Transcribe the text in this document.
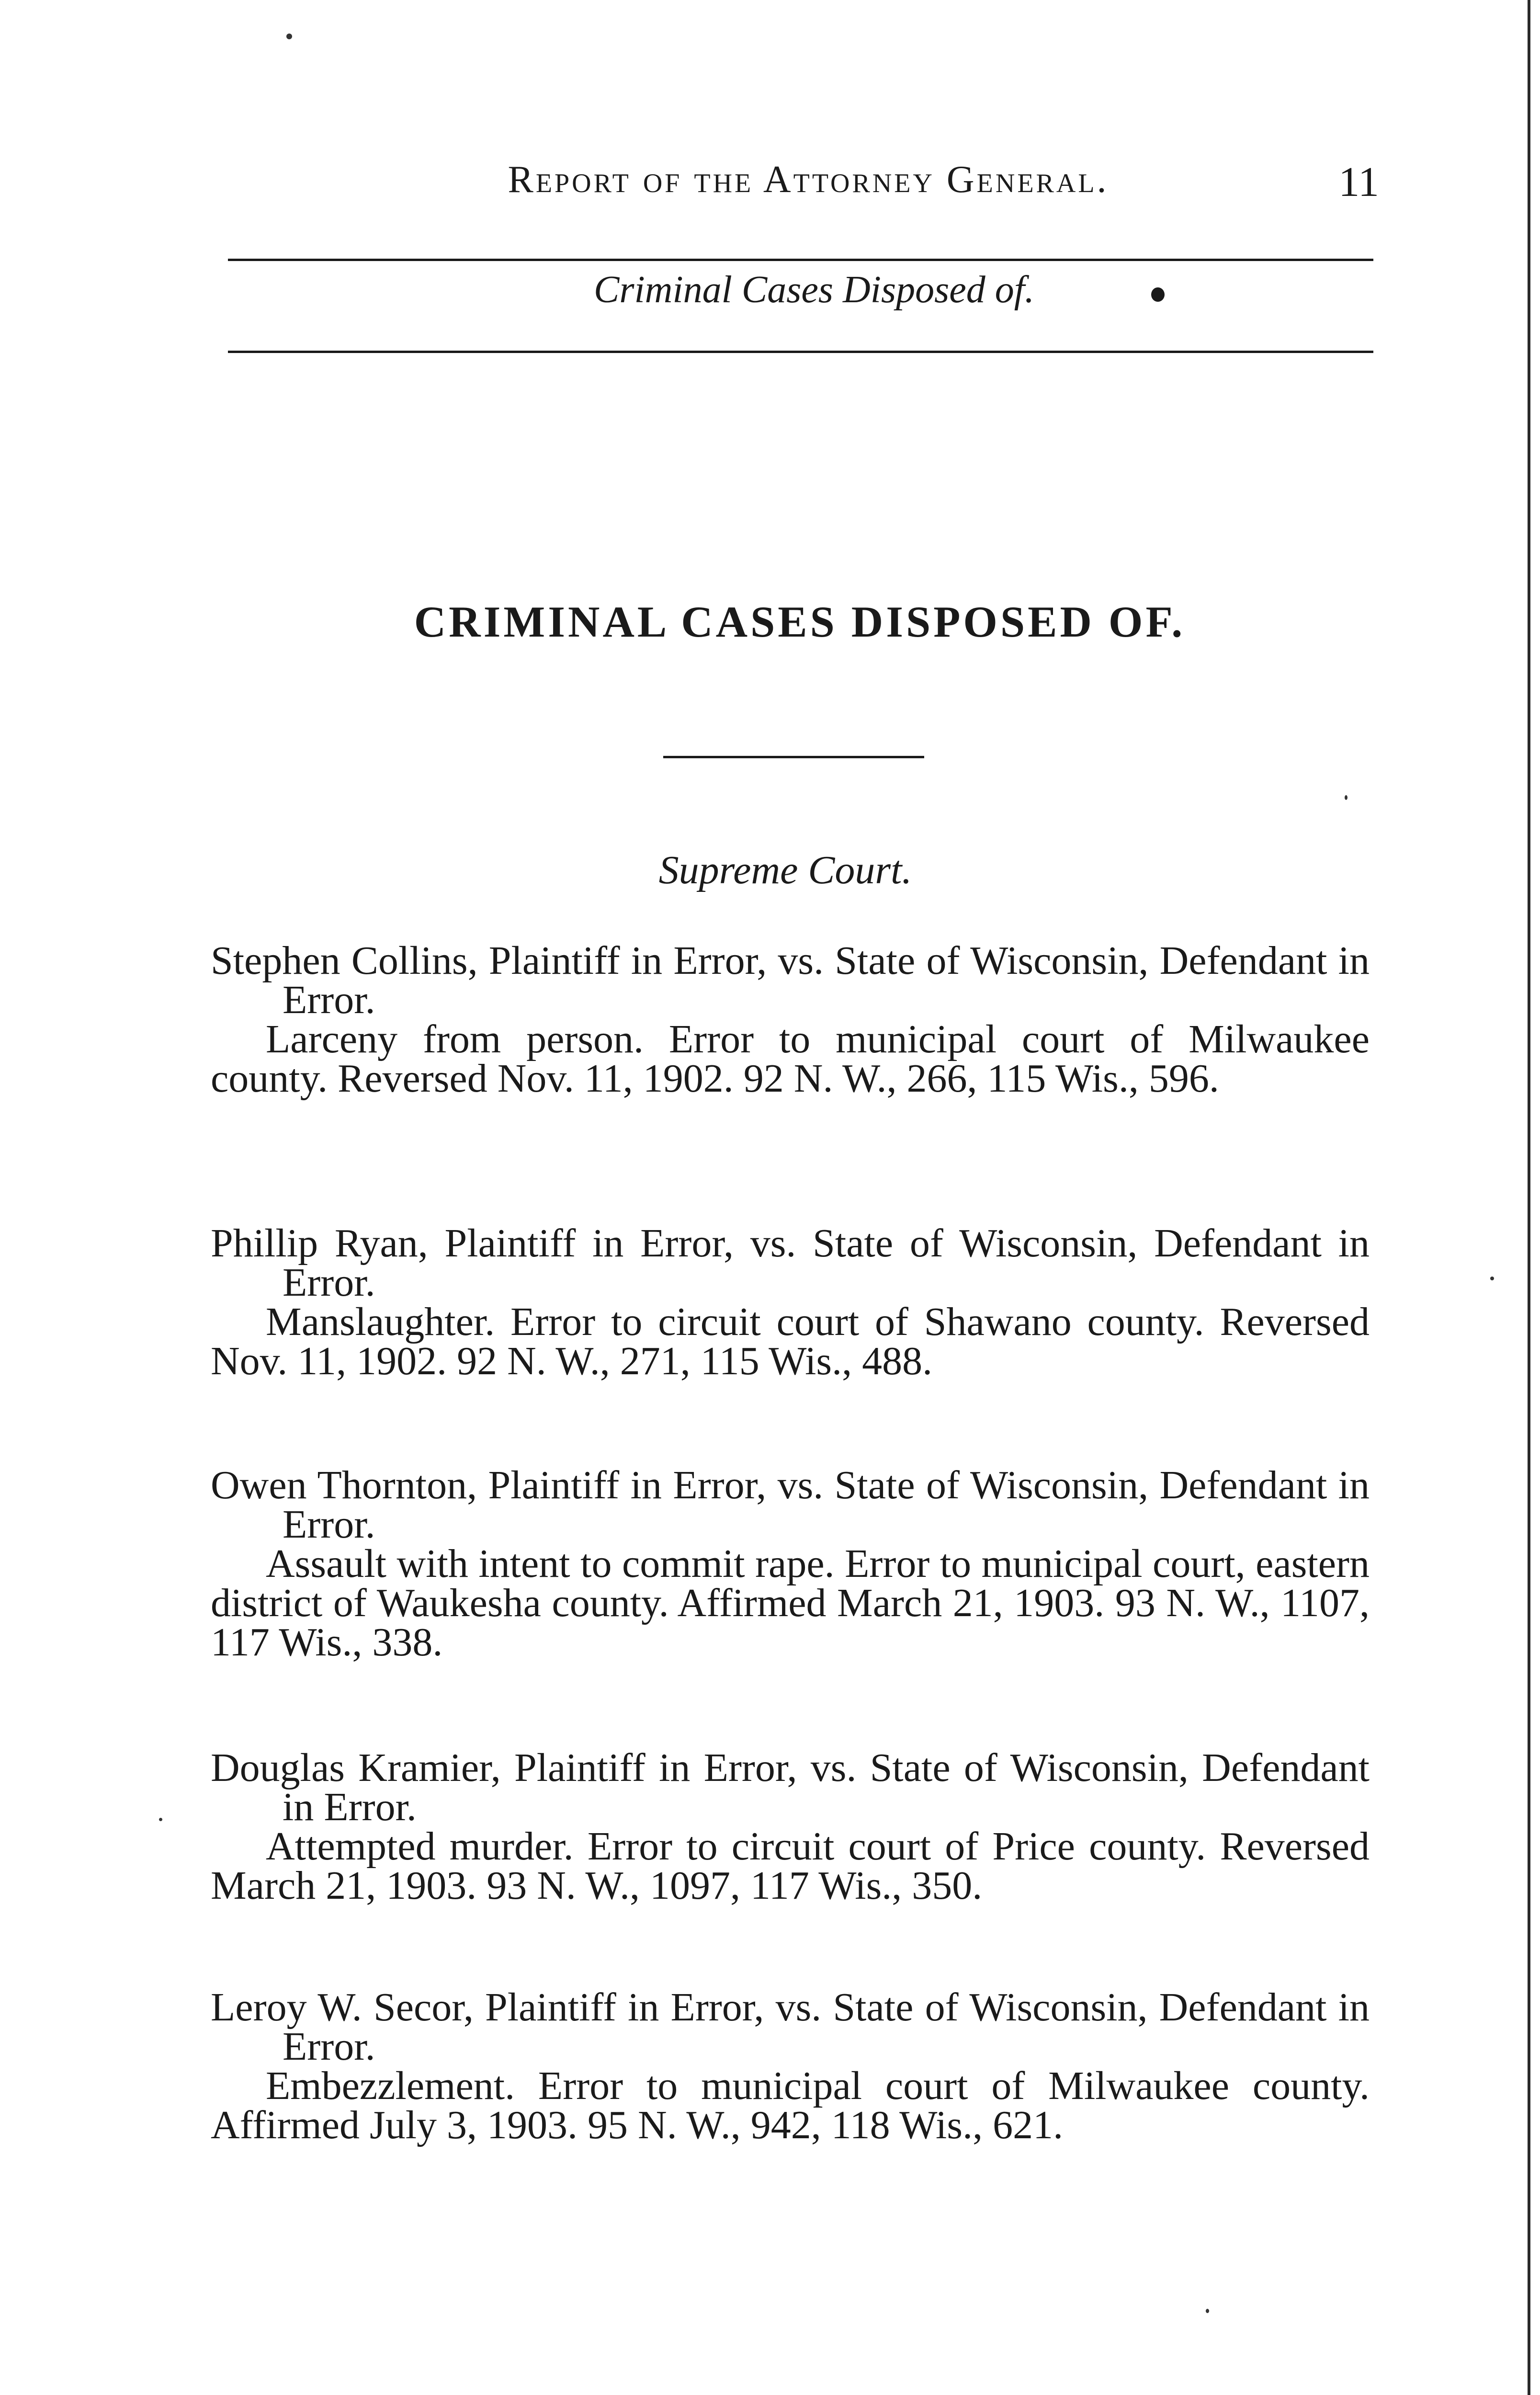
Report of the Attorney General.	11
Criminal Cases Disposed of.
CRIMINAL CASES DISPOSED OF.
Supreme Court.

Stephen Collins, Plaintiff in Error, vs. State of Wisconsin, Defendant in Error.

Larceny from person. Error to municipal court of Milwaukee county. Reversed Nov. 11, 1902. 92 N. W., 266, 115 Wis., 596.

Phillip Ryan, Plaintiff in Error, vs. State of Wisconsin, Defendant in Error.

Manslaughter. Error to circuit court of Shawano county. Reversed Nov. 11, 1902. 92 N. W., 271, 115 Wis., 488.

Owen Thornton, Plaintiff in Error, vs. State of Wisconsin, Defendant in Error.

Assault with intent to commit rape. Error to municipal court, eastern district of Waukesha county. Affirmed March 21, 1903. 93 N. W., 1107, 117 Wis., 338.

Douglas Kramier, Plaintiff in Error, vs. State of Wisconsin, Defendant in Error.

Attempted murder. Error to circuit court of Price county. Reversed March 21, 1903. 93 N. W., 1097, 117 Wis., 350.

Leroy W. Secor, Plaintiff in Error, vs. State of Wisconsin, Defendant in Error.

Embezzlement. Error to municipal court of Milwaukee county. Affirmed July 3, 1903. 95 N. W., 942, 118 Wis., 621.
